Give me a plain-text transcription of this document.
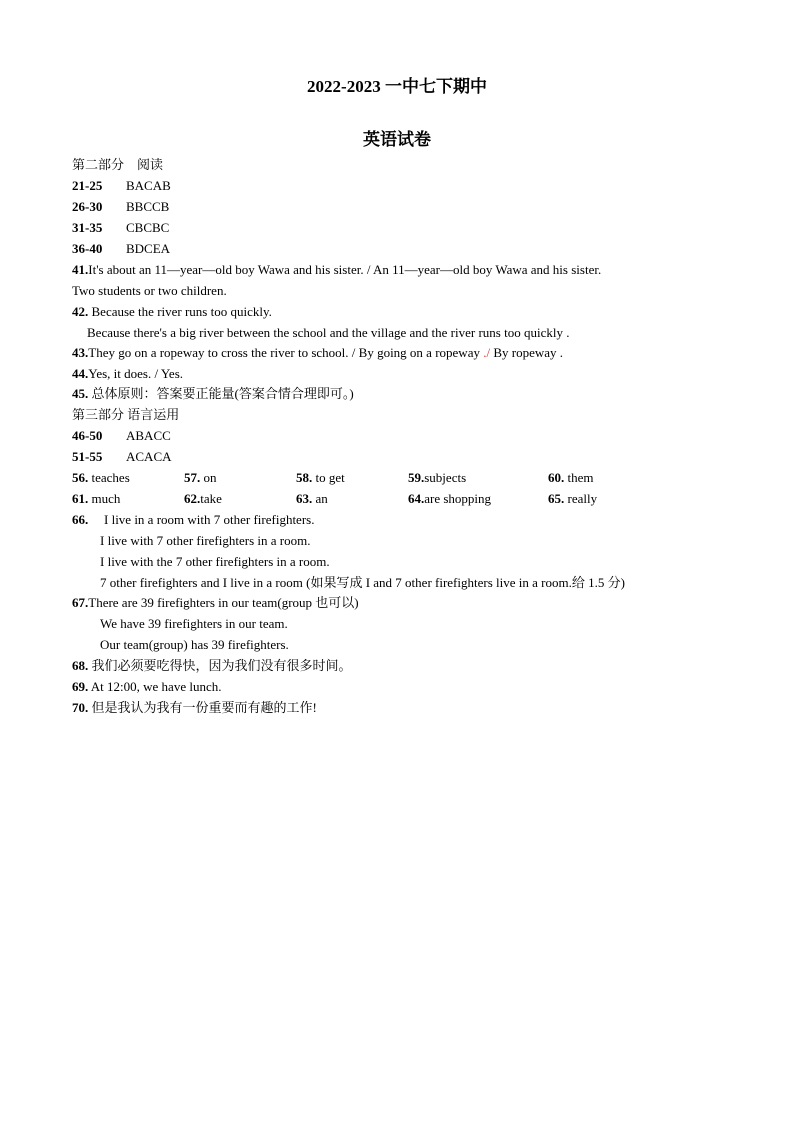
2022-2023 一中七下期中
英语试卷
第二部分　阅读
21-25 BACAB
26-30 BBCCB
31-35 CBCBC
36-40 BDCEA
41.It's about an 11—year—old boy Wawa and his sister. / An 11—year—old boy Wawa and his sister.
Two students or two children.
42. Because the river runs too quickly.
Because there's a big river between the school and the village and the river runs too quickly .
43.They go on a ropeway to cross the river to school. / By going on a ropeway ./ By ropeway .
44.Yes, it does. / Yes.
45. 总体原则：答案要正能量(答案合情合理即可。)
第三部分 语言运用
46-50 ABACC
51-55 ACACA
56. teaches	57. on	58. to get	59.subjects	60. them
61. much	62.take	63. an	64.are shopping	65. really
66. I live in a room with 7 other firefighters.
I live with 7 other firefighters in a room.
I live with the 7 other firefighters in a room.
7 other firefighters and I live in a room (如果写成 I and 7 other firefighters live in a room.给 1.5 分)
67.There are 39 firefighters in our team(group 也可以)
We have 39 firefighters in our team.
Our team(group) has 39 firefighters.
68. 我们必须要吃得快，因为我们没有很多时间。
69. At 12:00, we have lunch.
70. 但是我认为我有一份重要而有趣的工作!
